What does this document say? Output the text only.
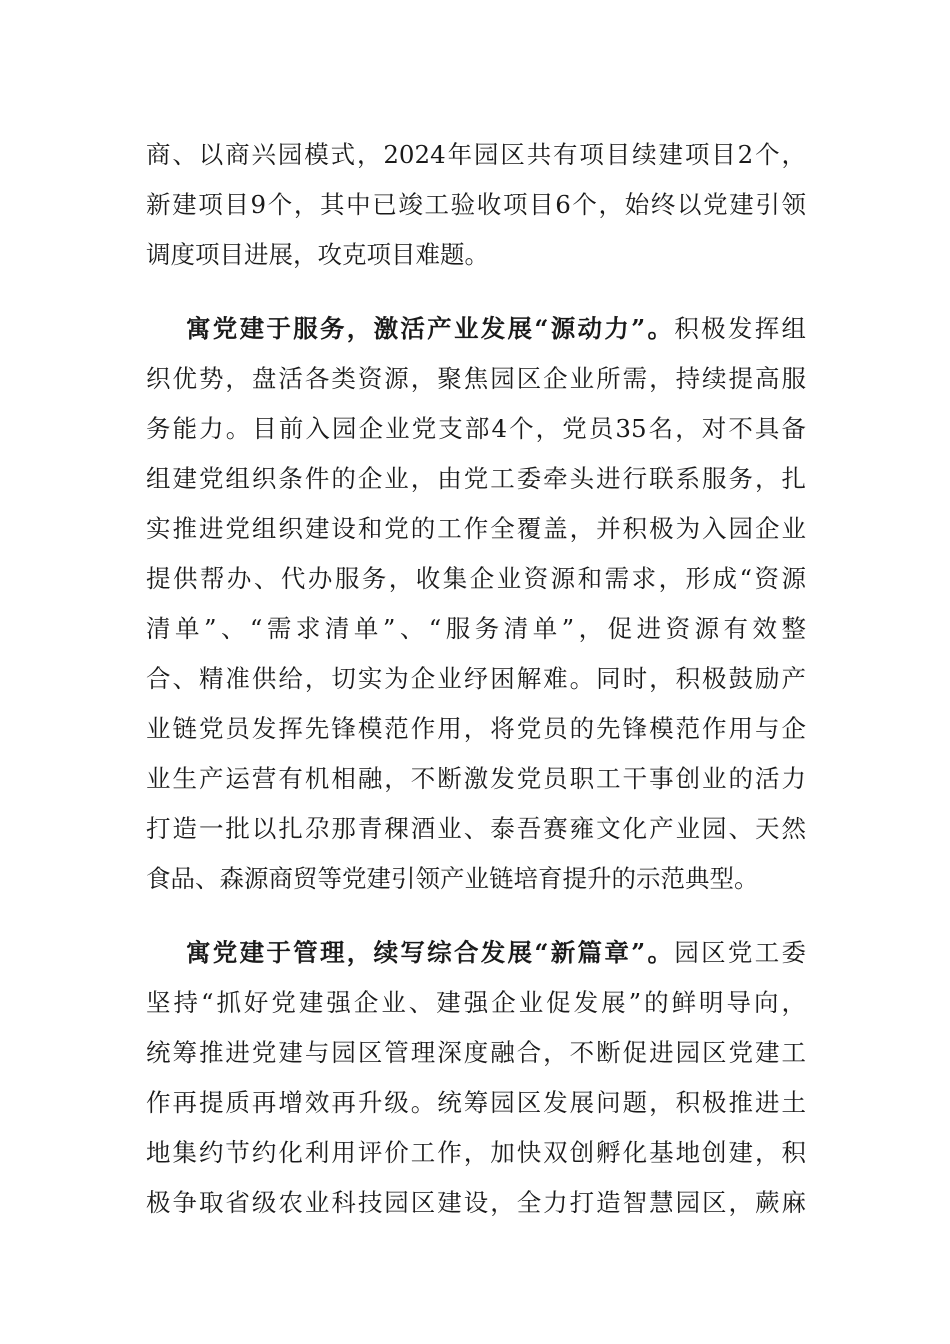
商、以商兴园模式，2024年园区共有项目续建项目2个，
新建项目9个，其中已竣工验收项目6个，始终以党建引领
调度项目进展，攻克项目难题。
寓党建于服务，激活产业发展“源动力”。积极发挥组
织优势，盘活各类资源，聚焦园区企业所需，持续提高服
务能力。目前入园企业党支部4个，党员35名，对不具备
组建党组织条件的企业，由党工委牵头进行联系服务，扎
实推进党组织建设和党的工作全覆盖，并积极为入园企业
提供帮办、代办服务，收集企业资源和需求，形成“资源
清单”、“需求清单”、“服务清单”，促进资源有效整
合、精准供给，切实为企业纾困解难。同时，积极鼓励产
业链党员发挥先锋模范作用，将党员的先锋模范作用与企
业生产运营有机相融，不断激发党员职工干事创业的活力
打造一批以扎尕那青稞酒业、泰吾赛雍文化产业园、天然
食品、森源商贸等党建引领产业链培育提升的示范典型。
寓党建于管理，续写综合发展“新篇章”。园区党工委
坚持“抓好党建强企业、建强企业促发展”的鲜明导向，
统筹推进党建与园区管理深度融合，不断促进园区党建工
作再提质再增效再升级。统筹园区发展问题，积极推进土
地集约节约化利用评价工作，加快双创孵化基地创建，积
极争取省级农业科技园区建设，全力打造智慧园区，蕨麻
